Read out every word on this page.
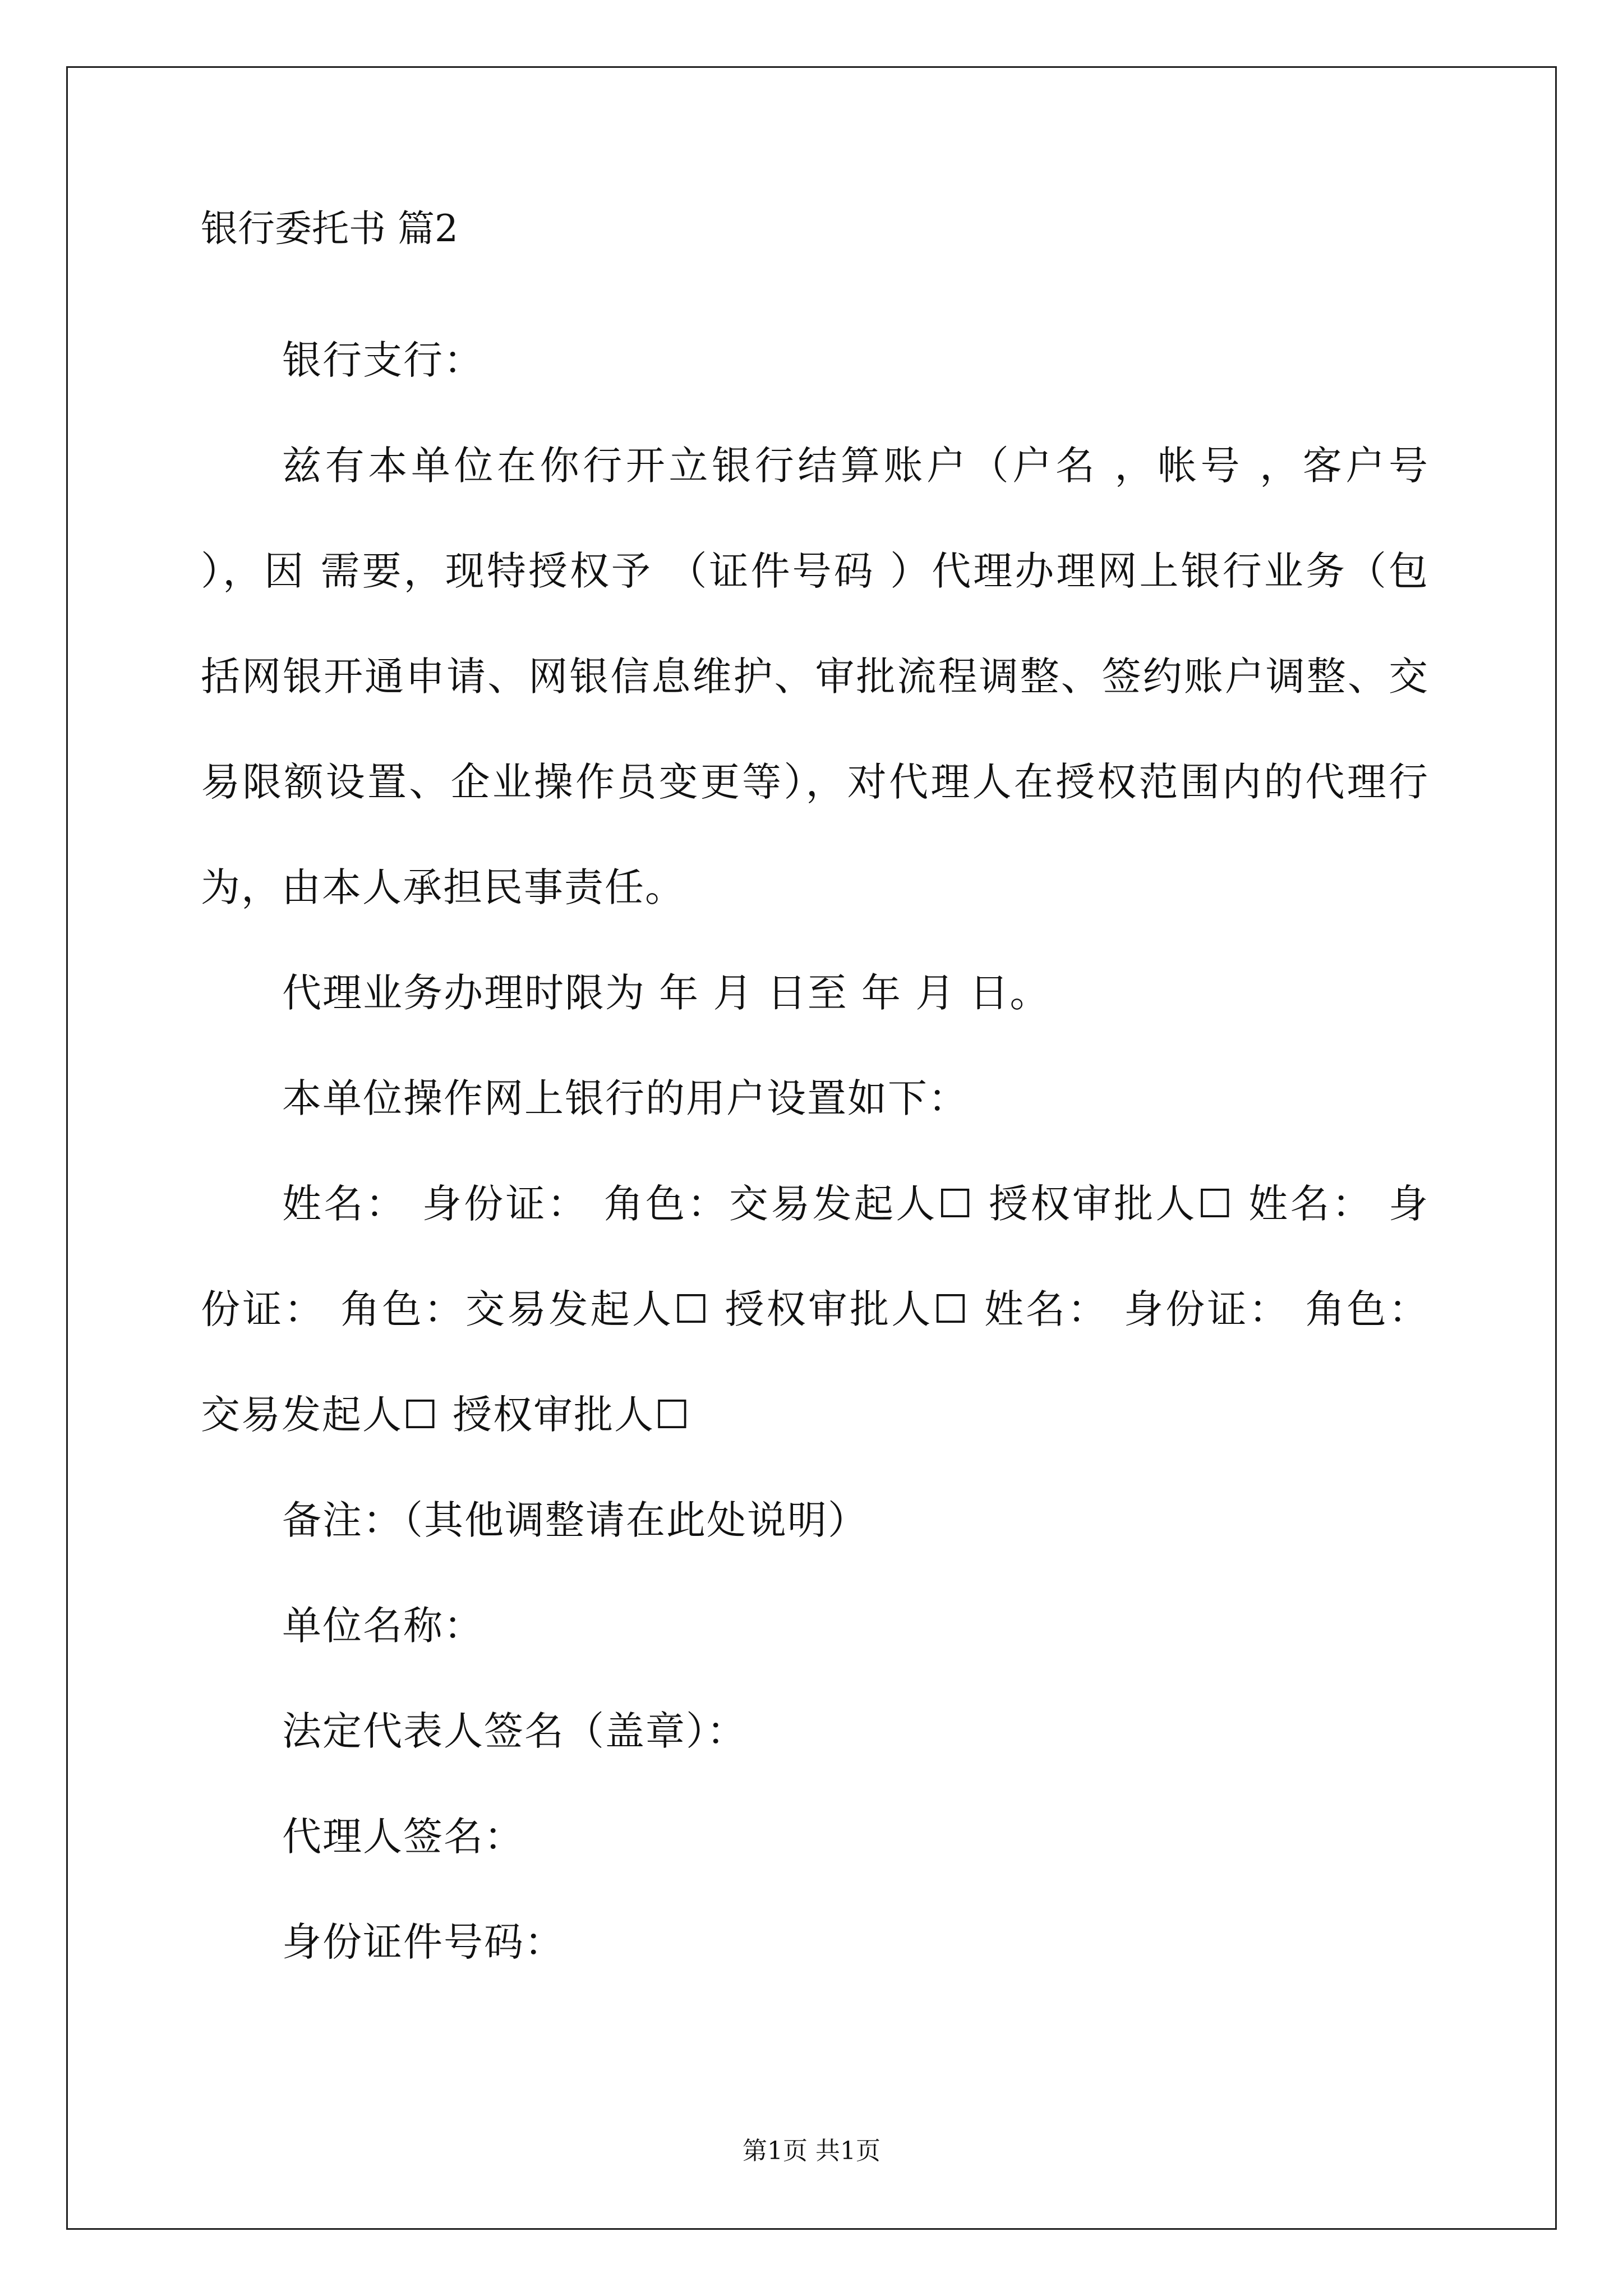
银行委托书 篇2

银行支行：

兹有本单位在你行开立银行结算账户（户名 ，帐号 ，客户号 ），因 需要，现特授权予 （证件号码 ）代理办理网上银行业务（包括网银开通申请、网银信息维护、审批流程调整、签约账户调整、交易限额设置、企业操作员变更等），对代理人在授权范围内的代理行为，由本人承担民事责任。

代理业务办理时限为 年 月 日至 年 月 日。

本单位操作网上银行的用户设置如下：

姓名： 身份证： 角色：交易发起人☐ 授权审批人☐ 姓名： 身份证： 角色：交易发起人☐ 授权审批人☐ 姓名： 身份证： 角色：交易发起人☐ 授权审批人☐

备注：（其他调整请在此处说明）

单位名称：

法定代表人签名（盖章）：

代理人签名：

身份证件号码：

第1页 共1页
